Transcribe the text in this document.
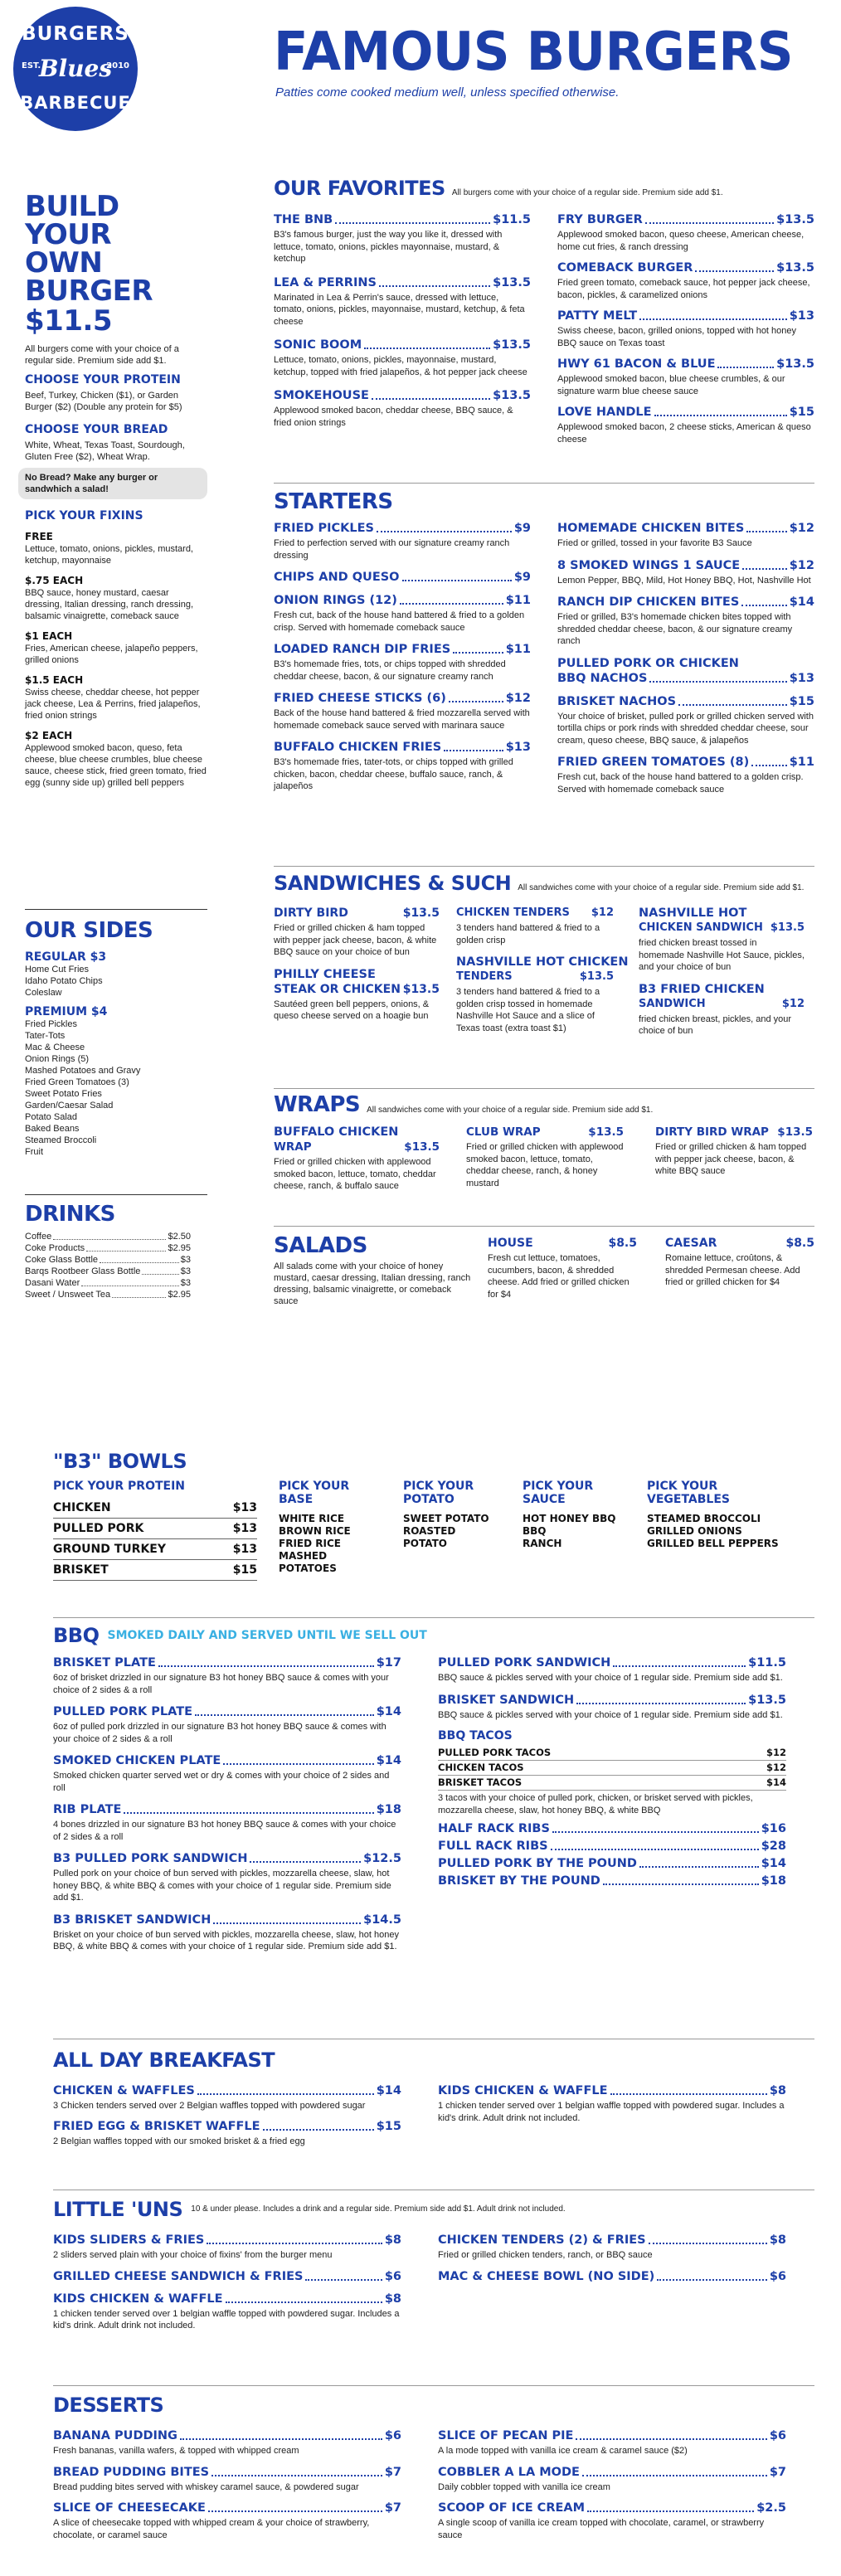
BURGERS
Blues
EST.	2010
BARBECUE
FAMOUS BURGERS
Patties come cooked medium well, unless specified otherwise.
BUILD YOUR
OWN BURGER
$11.5
All burgers come with your choice of a regular side. Premium side add $1.
CHOOSE YOUR PROTEIN
Beef, Turkey, Chicken ($1), or Garden Burger ($2) (Double any protein for $5)
CHOOSE YOUR BREAD
White, Wheat, Texas Toast, Sourdough, Gluten Free ($2), Wheat Wrap.
No Bread? Make any burger or sandwhich a salad!
PICK YOUR FIXINS
FREE
Lettuce, tomato, onions, pickles, mustard, ketchup, mayonnaise
$.75 EACH
BBQ sauce, honey mustard, caesar dressing, Italian dressing, ranch dressing, balsamic vinaigrette, comeback sauce
$1 EACH
Fries, American cheese, jalapeño peppers, grilled onions
$1.5 EACH
Swiss cheese, cheddar cheese, hot pepper jack cheese, Lea & Perrins, fried jalapeños, fried onion strings
$2 EACH
Applewood smoked bacon, queso, feta cheese, blue cheese crumbles, blue cheese sauce, cheese stick, fried green tomato, fried egg (sunny side up) grilled bell peppers
OUR SIDES
REGULAR $3
Home Cut Fries
Idaho Potato Chips
Coleslaw
PREMIUM $4
Fried Pickles
Tater-Tots
Mac & Cheese
Onion Rings (5)
Mashed Potatoes and Gravy
Fried Green Tomatoes (3)
Sweet Potato Fries
Garden/Caesar Salad
Potato Salad
Baked Beans
Steamed Broccoli
Fruit
DRINKS
Coffee	$2.50
Coke Products	$2.95
Coke Glass Bottle	$3
Barqs Rootbeer Glass Bottle	$3
Dasani Water	$3
Sweet / Unsweet Tea	$2.95
OUR FAVORITES All burgers come with your choice of a regular side. Premium side add $1.
THE BNB	$11.5
B3's famous burger, just the way you like it, dressed with lettuce, tomato, onions, pickles mayonnaise, mustard, & ketchup
LEA & PERRINS	$13.5
Marinated in Lea & Perrin's sauce, dressed with lettuce, tomato, onions, pickles, mayonnaise, mustard, ketchup, & feta cheese
SONIC BOOM	$13.5
Lettuce, tomato, onions, pickles, mayonnaise, mustard, ketchup, topped with fried jalapeños, & hot pepper jack cheese
SMOKEHOUSE	$13.5
Applewood smoked bacon, cheddar cheese, BBQ sauce, & fried onion strings
FRY BURGER	$13.5
Applewood smoked bacon, queso cheese, American cheese, home cut fries, & ranch dressing
COMEBACK BURGER	$13.5
Fried green tomato, comeback sauce, hot pepper jack cheese, bacon, pickles, & caramelized onions
PATTY MELT	$13
Swiss cheese, bacon, grilled onions, topped with hot honey BBQ sauce on Texas toast
HWY 61 BACON & BLUE	$13.5
Applewood smoked bacon, blue cheese crumbles, & our signature warm blue cheese sauce
LOVE HANDLE	$15
Applewood smoked bacon, 2 cheese sticks, American & queso cheese
STARTERS
FRIED PICKLES	$9
Fried to perfection served with our signature creamy ranch dressing
CHIPS AND QUESO	$9
ONION RINGS (12)	$11
Fresh cut, back of the house hand battered & fried to a golden crisp. Served with homemade comeback sauce
LOADED RANCH DIP FRIES	$11
B3's homemade fries, tots, or chips topped with shredded cheddar cheese, bacon, & our signature creamy ranch
FRIED CHEESE STICKS (6)	$12
Back of the house hand battered & fried mozzarella served with homemade comeback sauce served with marinara sauce
BUFFALO CHICKEN FRIES	$13
B3's homemade fries, tater-tots, or chips topped with grilled chicken, bacon, cheddar cheese, buffalo sauce, ranch, & jalapeños
HOMEMADE CHICKEN BITES	$12
Fried or grilled, tossed in your favorite B3 Sauce
8 SMOKED WINGS 1 SAUCE	$12
Lemon Pepper, BBQ, Mild, Hot Honey BBQ, Hot, Nashville Hot
RANCH DIP CHICKEN BITES	$14
Fried or grilled, B3's homemade chicken bites topped with shredded cheddar cheese, bacon, & our signature creamy ranch
PULLED PORK OR CHICKEN
BBQ NACHOS	$13
BRISKET NACHOS	$15
Your choice of brisket, pulled pork or grilled chicken served with tortilla chips or pork rinds with shredded cheddar cheese, sour cream, queso cheese, BBQ sauce, & jalapeños
FRIED GREEN TOMATOES (8)	$11
Fresh cut, back of the house hand battered to a golden crisp. Served with homemade comeback sauce
SANDWICHES & SUCH All sandwiches come with your choice of a regular side. Premium side add $1.
DIRTY BIRD	$13.5
Fried or grilled chicken & ham topped with pepper jack cheese, bacon, & white BBQ sauce on your choice of bun
PHILLY CHEESE
STEAK OR CHICKEN $13.5
Sautéed green bell peppers, onions, & queso cheese served on a hoagie bun
CHICKEN TENDERS $12
3 tenders hand battered & fried to a golden crisp
NASHVILLE HOT CHICKEN
TENDERS	$13.5
3 tenders hand battered & fried to a golden crisp tossed in homemade Nashville Hot Sauce and a slice of Texas toast (extra toast $1)
NASHVILLE HOT
CHICKEN SANDWICH $13.5
fried chicken breast tossed in homemade Nashville Hot Sauce, pickles, and your choice of bun
B3 FRIED CHICKEN
SANDWICH	$12
fried chicken breast, pickles, and your choice of bun
WRAPS All sandwiches come with your choice of a regular side. Premium side add $1.
BUFFALO CHICKEN
WRAP	$13.5
Fried or grilled chicken with applewood smoked bacon, lettuce, tomato, cheddar cheese, ranch, & buffalo sauce
CLUB WRAP	$13.5
Fried or grilled chicken with applewood smoked bacon, lettuce, tomato, cheddar cheese, ranch, & honey mustard
DIRTY BIRD WRAP $13.5
Fried or grilled chicken & ham topped with pepper jack cheese, bacon, & white BBQ sauce
SALADS
All salads come with your choice of honey mustard, caesar dressing, Italian dressing, ranch dressing, balsamic vinaigrette, or comeback sauce
HOUSE	$8.5
Fresh cut lettuce, tomatoes, cucumbers, bacon, & shredded cheese. Add fried or grilled chicken for $4
CAESAR	$8.5
Romaine lettuce, croûtons, & shredded Permesan cheese. Add fried or grilled chicken for $4
"B3" BOWLS
PICK YOUR PROTEIN
CHICKEN	$13
PULLED PORK	$13
GROUND TURKEY	$13
BRISKET	$15
PICK YOUR BASE
WHITE RICE
BROWN RICE
FRIED RICE
MASHED POTATOES
PICK YOUR POTATO
SWEET POTATO
ROASTED POTATO
PICK YOUR SAUCE
HOT HONEY BBQ
BBQ
RANCH
PICK YOUR VEGETABLES
STEAMED BROCCOLI
GRILLED ONIONS
GRILLED BELL PEPPERS
BBQ SMOKED DAILY AND SERVED UNTIL WE SELL OUT
BRISKET PLATE	$17
6oz of brisket drizzled in our signature B3 hot honey BBQ sauce & comes with your choice of 2 sides & a roll
PULLED PORK PLATE	$14
6oz of pulled pork drizzled in our signature B3 hot honey BBQ sauce & comes with your choice of 2 sides & a roll
SMOKED CHICKEN PLATE	$14
Smoked chicken quarter served wet or dry & comes with your choice of 2 sides and roll
RIB PLATE	$18
4 bones drizzled in our signature B3 hot honey BBQ sauce & comes with your choice of 2 sides & a roll
B3 PULLED PORK SANDWICH	$12.5
Pulled pork on your choice of bun served with pickles, mozzarella cheese, slaw, hot honey BBQ, & white BBQ & comes with your choice of 1 regular side. Premium side add $1.
B3 BRISKET SANDWICH	$14.5
Brisket on your choice of bun served with pickles, mozzarella cheese, slaw, hot honey BBQ, & white BBQ & comes with your choice of 1 regular side. Premium side add $1.
PULLED PORK SANDWICH	$11.5
BBQ sauce & pickles served with your choice of 1 regular side. Premium side add $1.
BRISKET SANDWICH	$13.5
BBQ sauce & pickles served with your choice of 1 regular side. Premium side add $1.
BBQ TACOS
PULLED PORK TACOS	$12
CHICKEN TACOS	$12
BRISKET TACOS	$14
3 tacos with your choice of pulled pork, chicken, or brisket served with pickles, mozzarella cheese, slaw, hot honey BBQ, & white BBQ
HALF RACK RIBS	$16
FULL RACK RIBS	$28
PULLED PORK BY THE POUND	$14
BRISKET BY THE POUND	$18
ALL DAY BREAKFAST
CHICKEN & WAFFLES	$14
3 Chicken tenders served over 2 Belgian waffles topped with powdered sugar
FRIED EGG & BRISKET WAFFLE	$15
2 Belgian waffles topped with our smoked brisket & a fried egg
KIDS CHICKEN & WAFFLE	$8
1 chicken tender served over 1 belgian waffle topped with powdered sugar. Includes a kid's drink. Adult drink not included.
LITTLE 'UNS 10 & under please. Includes a drink and a regular side. Premium side add $1. Adult drink not included.
KIDS SLIDERS & FRIES	$8
2 sliders served plain with your choice of fixins' from the burger menu
GRILLED CHEESE SANDWICH & FRIES	$6
KIDS CHICKEN & WAFFLE	$8
1 chicken tender served over 1 belgian waffle topped with powdered sugar. Includes a kid's drink. Adult drink not included.
CHICKEN TENDERS (2) & FRIES	$8
Fried or grilled chicken tenders, ranch, or BBQ sauce
MAC & CHEESE BOWL (NO SIDE)	$6
DESSERTS
BANANA PUDDING	$6
Fresh bananas, vanilla wafers, & topped with whipped cream
BREAD PUDDING BITES	$7
Bread pudding bites served with whiskey caramel sauce, & powdered sugar
SLICE OF CHEESECAKE	$7
A slice of cheesecake topped with whipped cream & your choice of strawberry, chocolate, or caramel sauce
SLICE OF PECAN PIE	$6
A la mode topped with vanilla ice cream & caramel sauce ($2)
COBBLER A LA MODE	$7
Daily cobbler topped with vanilla ice cream
SCOOP OF ICE CREAM	$2.5
A single scoop of vanilla ice cream topped with chocolate, caramel, or strawberry sauce
